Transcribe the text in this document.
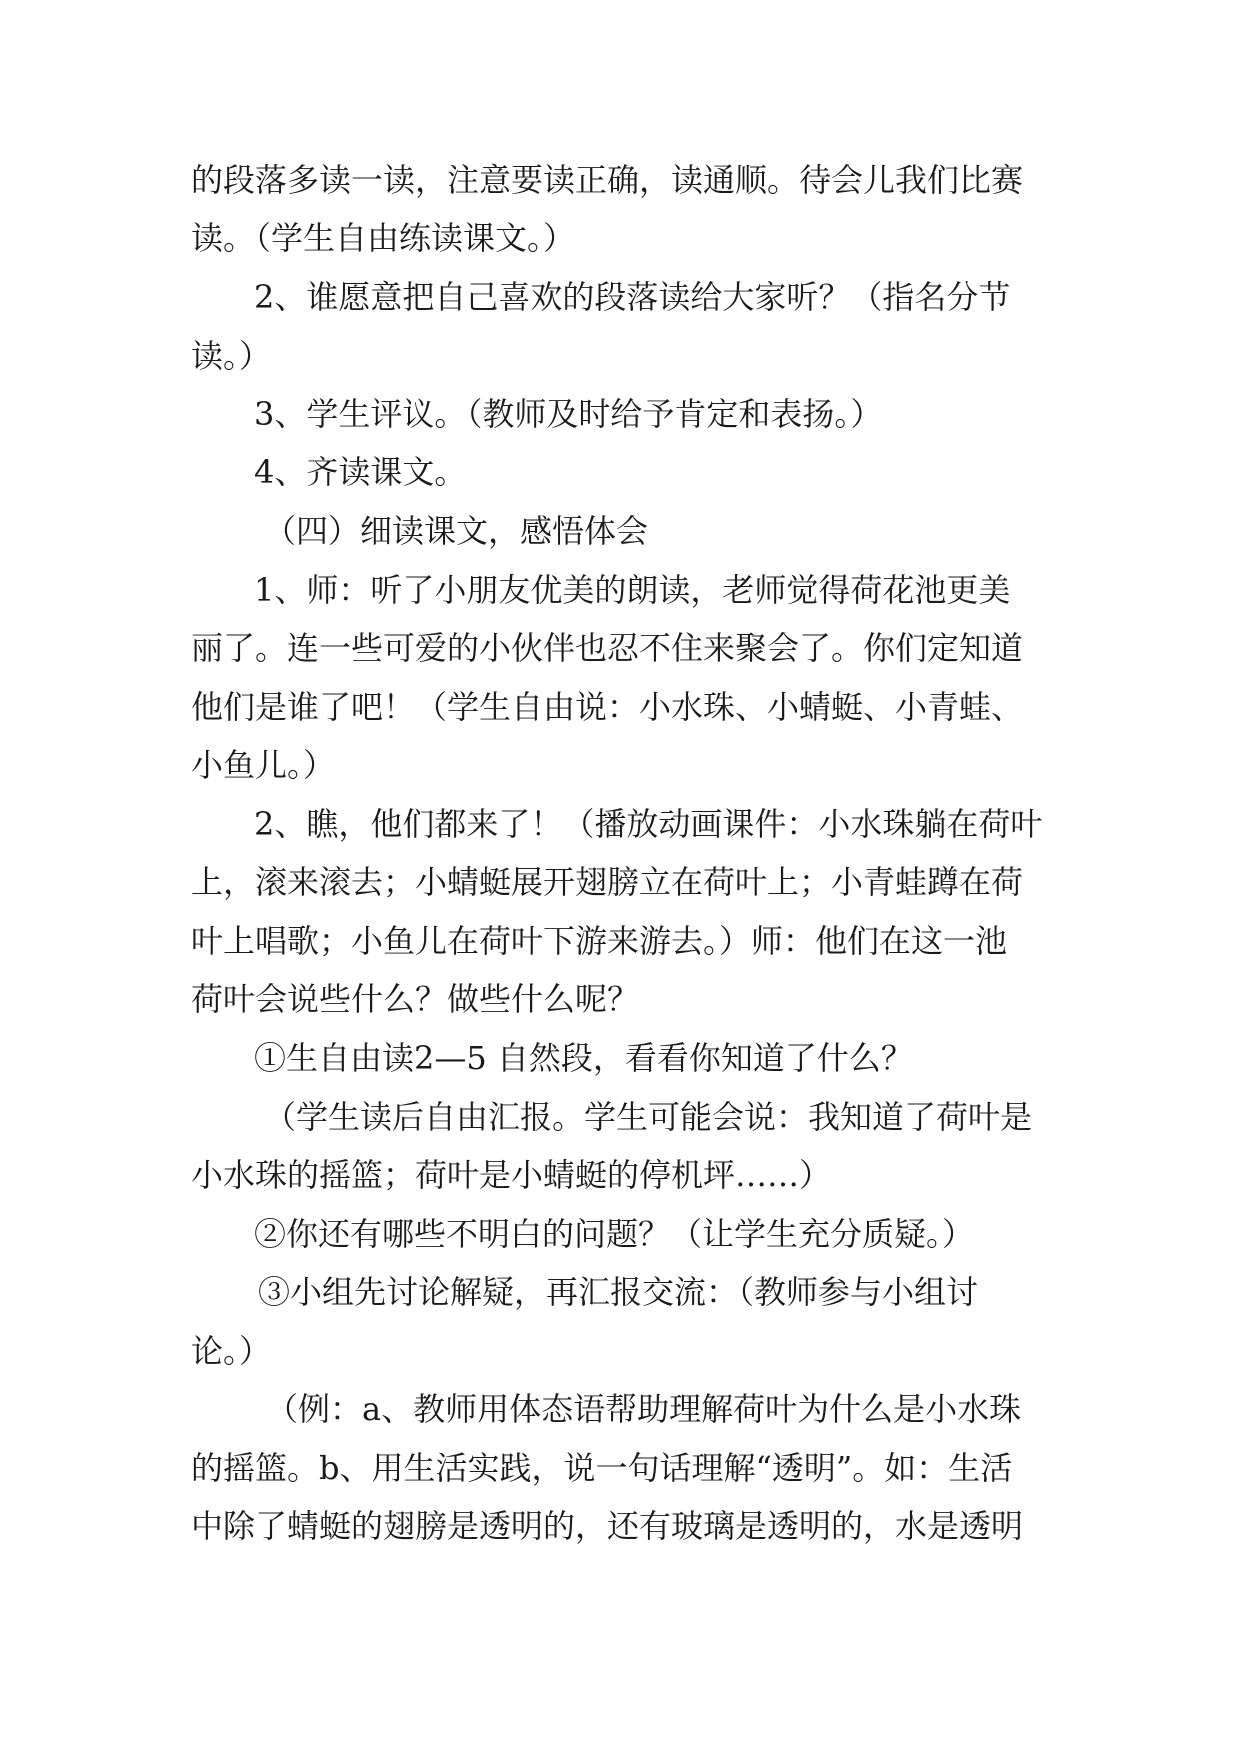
的段落多读一读，注意要读正确，读通顺。待会儿我们比赛
读。（学生自由练读课文。）
2、谁愿意把自己喜欢的段落读给大家听？（指名分节
读。）
3、学生评议。（教师及时给予肯定和表扬。）
4、齐读课文。
（四）细读课文，感悟体会
1、师：听了小朋友优美的朗读，老师觉得荷花池更美
丽了。连一些可爱的小伙伴也忍不住来聚会了。你们定知道
他们是谁了吧！（学生自由说：小水珠、小蜻蜓、小青蛙、
小鱼儿。）
2、瞧，他们都来了！（播放动画课件：小水珠躺在荷叶
上，滚来滚去；小蜻蜓展开翅膀立在荷叶上；小青蛙蹲在荷
叶上唱歌；小鱼儿在荷叶下游来游去。）师：他们在这一池
荷叶会说些什么？做些什么呢？
①生自由读2—5 自然段，看看你知道了什么？
（学生读后自由汇报。学生可能会说：我知道了荷叶是
小水珠的摇篮；荷叶是小蜻蜓的停机坪……）
②你还有哪些不明白的问题？（让学生充分质疑。）
③小组先讨论解疑，再汇报交流：（教师参与小组讨
论。）
（例：a、教师用体态语帮助理解荷叶为什么是小水珠
的摇篮。b、用生活实践，说一句话理解“透明”。如：生活
中除了蜻蜓的翅膀是透明的，还有玻璃是透明的，水是透明
